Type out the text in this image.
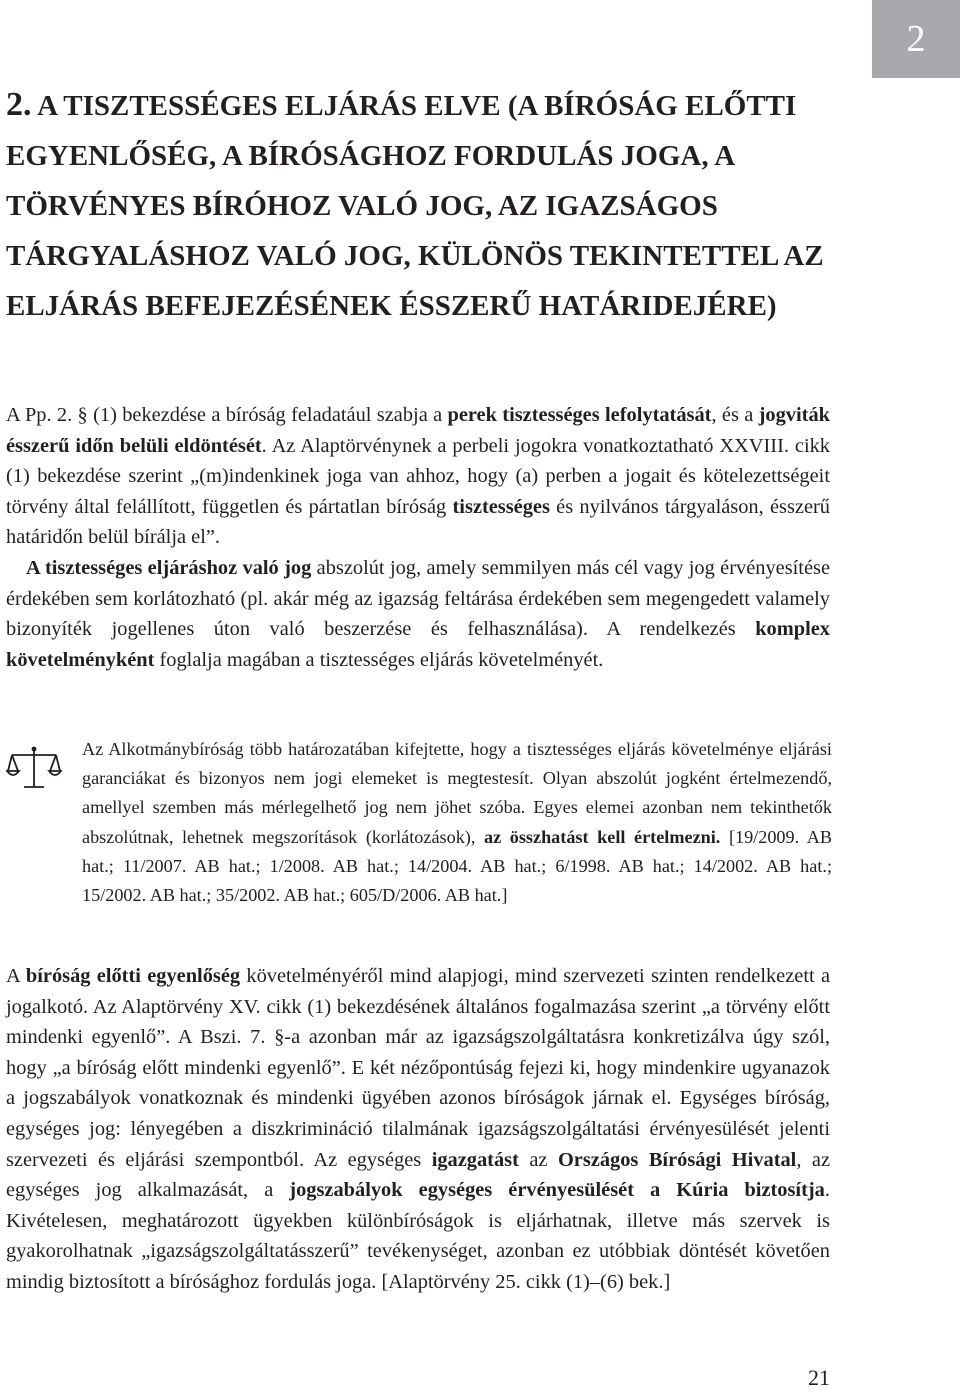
2
2. A TISZTESSÉGES ELJÁRÁS ELVE (A BÍRÓSÁG ELŐTTI EGYENLŐSÉG, A BÍRÓSÁGHOZ FORDULÁS JOGA, A TÖRVÉNYES BÍRÓHOZ VALÓ JOG, AZ IGAZSÁGOS TÁRGYALÁSHOZ VALÓ JOG, KÜLÖNÖS TEKINTETTEL AZ ELJÁRÁS BEFEJEZÉSÉNEK ÉSSZERŰ HATÁRIDEJÉRE)

A Pp. 2. § (1) bekezdése a bíróság feladatául szabja a perek tisztességes lefolytatását, és a jogviták ésszerű időn belüli eldöntését. Az Alaptörvénynek a perbeli jogokra vonatkoztatható XXVIII. cikk (1) bekezdése szerint „(m)indenkinek joga van ahhoz, hogy (a) perben a jogait és kötelezettségeit törvény által felállított, független és pártatlan bíróság tisztességes és nyilvános tárgyaláson, ésszerű határidőn belül bírálja el”.
A tisztességes eljáráshoz való jog abszolút jog, amely semmilyen más cél vagy jog érvényesítése érdekében sem korlátozható (pl. akár még az igazság feltárása érdekében sem megengedett valamely bizonyíték jogellenes úton való beszerzése és felhasználása). A rendelkezés komplex követelményként foglalja magában a tisztességes eljárás követelményét.

Az Alkotmánybíróság több határozatában kifejtette, hogy a tisztességes eljárás követelménye eljárási garanciákat és bizonyos nem jogi elemeket is megtestesít. Olyan abszolút jogként értelmezendő, amellyel szemben más mérlegelhető jog nem jöhet szóba. Egyes elemei azonban nem tekinthetők abszolútnak, lehetnek megszorítások (korlátozások), az összhatást kell értelmezni. [19/2009. AB hat.; 11/2007. AB hat.; 1/2008. AB hat.; 14/2004. AB hat.; 6/1998. AB hat.; 14/2002. AB hat.; 15/2002. AB hat.; 35/2002. AB hat.; 605/D/2006. AB hat.]

A bíróság előtti egyenlőség követelményéről mind alapjogi, mind szervezeti szinten rendelkezett a jogalkotó. Az Alaptörvény XV. cikk (1) bekezdésének általános fogalmazása szerint „a törvény előtt mindenki egyenlő”. A Bszi. 7. §-a azonban már az igazságszolgáltatásra konkretizálva úgy szól, hogy „a bíróság előtt mindenki egyenlő”. E két nézőpontúság fejezi ki, hogy mindenkire ugyanazok a jogszabályok vonatkoznak és mindenki ügyében azonos bíróságok járnak el. Egységes bíróság, egységes jog: lényegében a diszkrimináció tilalmának igazságszolgáltatási érvényesülését jelenti szervezeti és eljárási szempontból. Az egységes igazgatást az Országos Bírósági Hivatal, az egységes jog alkalmazását, a jogszabályok egységes érvényesülését a Kúria biztosítja. Kivételesen, meghatározott ügyekben különbíróságok is eljárhatnak, illetve más szervek is gyakorolhatnak „igazságszolgáltatásszerű” tevékenységet, azonban ez utóbbiak döntését követően mindig biztosított a bírósághoz fordulás joga. [Alaptörvény 25. cikk (1)–(6) bek.]

21
